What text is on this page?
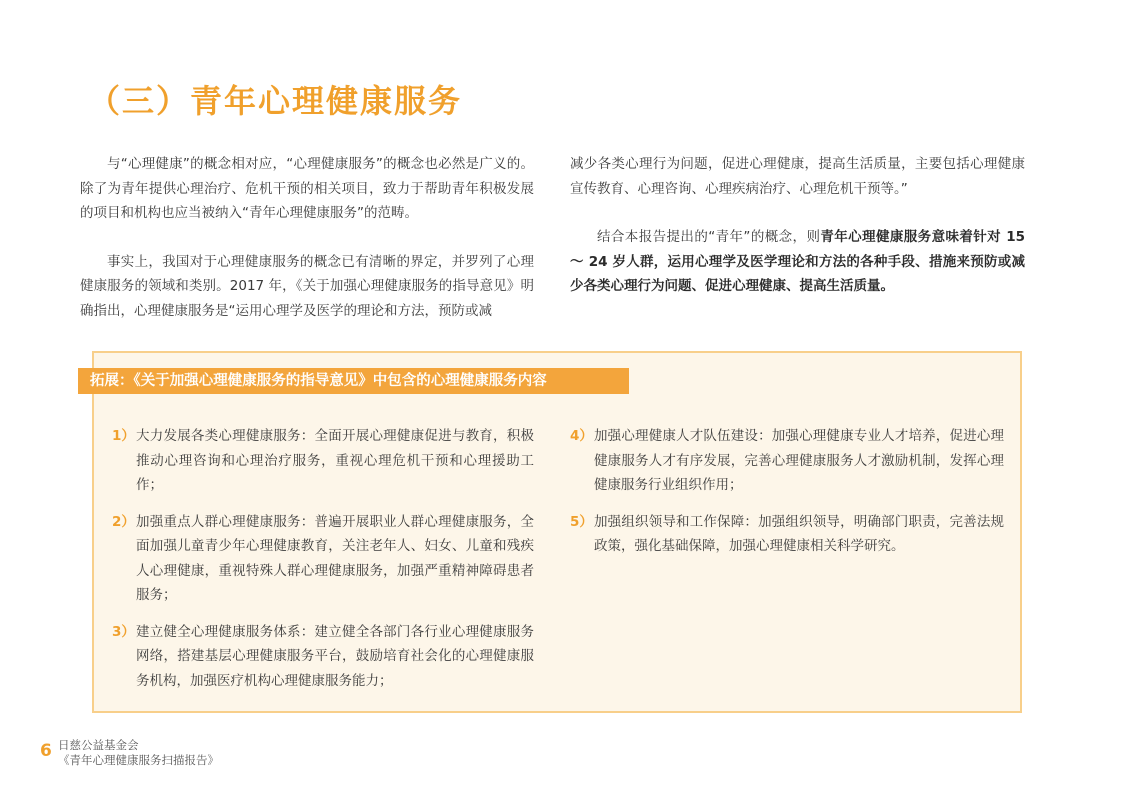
（三）青年心理健康服务

与“心理健康”的概念相对应，“心理健康服务”的概念也必然是广义的。除了为青年提供心理治疗、危机干预的相关项目，致力于帮助青年积极发展的项目和机构也应当被纳入“青年心理健康服务”的范畴。

事实上，我国对于心理健康服务的概念已有清晰的界定，并罗列了心理健康服务的领域和类别。2017 年，《关于加强心理健康服务的指导意见》明确指出，心理健康服务是“运用心理学及医学的理论和方法，预防或减

减少各类心理行为问题，促进心理健康，提高生活质量，主要包括心理健康宣传教育、心理咨询、心理疾病治疗、心理危机干预等。”

结合本报告提出的“青年”的概念，则青年心理健康服务意味着针对 15 ～ 24 岁人群，运用心理学及医学理论和方法的各种手段、措施来预防或减少各类心理行为问题、促进心理健康、提高生活质量。

拓展：《关于加强心理健康服务的指导意见》中包含的心理健康服务内容
1） 大力发展各类心理健康服务：全面开展心理健康促进与教育，积极推动心理咨询和心理治疗服务，重视心理危机干预和心理援助工作；
2） 加强重点人群心理健康服务：普遍开展职业人群心理健康服务，全面加强儿童青少年心理健康教育，关注老年人、妇女、儿童和残疾人心理健康，重视特殊人群心理健康服务，加强严重精神障碍患者服务；
3） 建立健全心理健康服务体系：建立健全各部门各行业心理健康服务网络，搭建基层心理健康服务平台，鼓励培育社会化的心理健康服务机构，加强医疗机构心理健康服务能力；
4） 加强心理健康人才队伍建设：加强心理健康专业人才培养，促进心理健康服务人才有序发展，完善心理健康服务人才激励机制，发挥心理健康服务行业组织作用；
5） 加强组织领导和工作保障：加强组织领导，明确部门职责，完善法规政策，强化基础保障，加强心理健康相关科学研究。
6 日慈公益基金会
《青年心理健康服务扫描报告》
